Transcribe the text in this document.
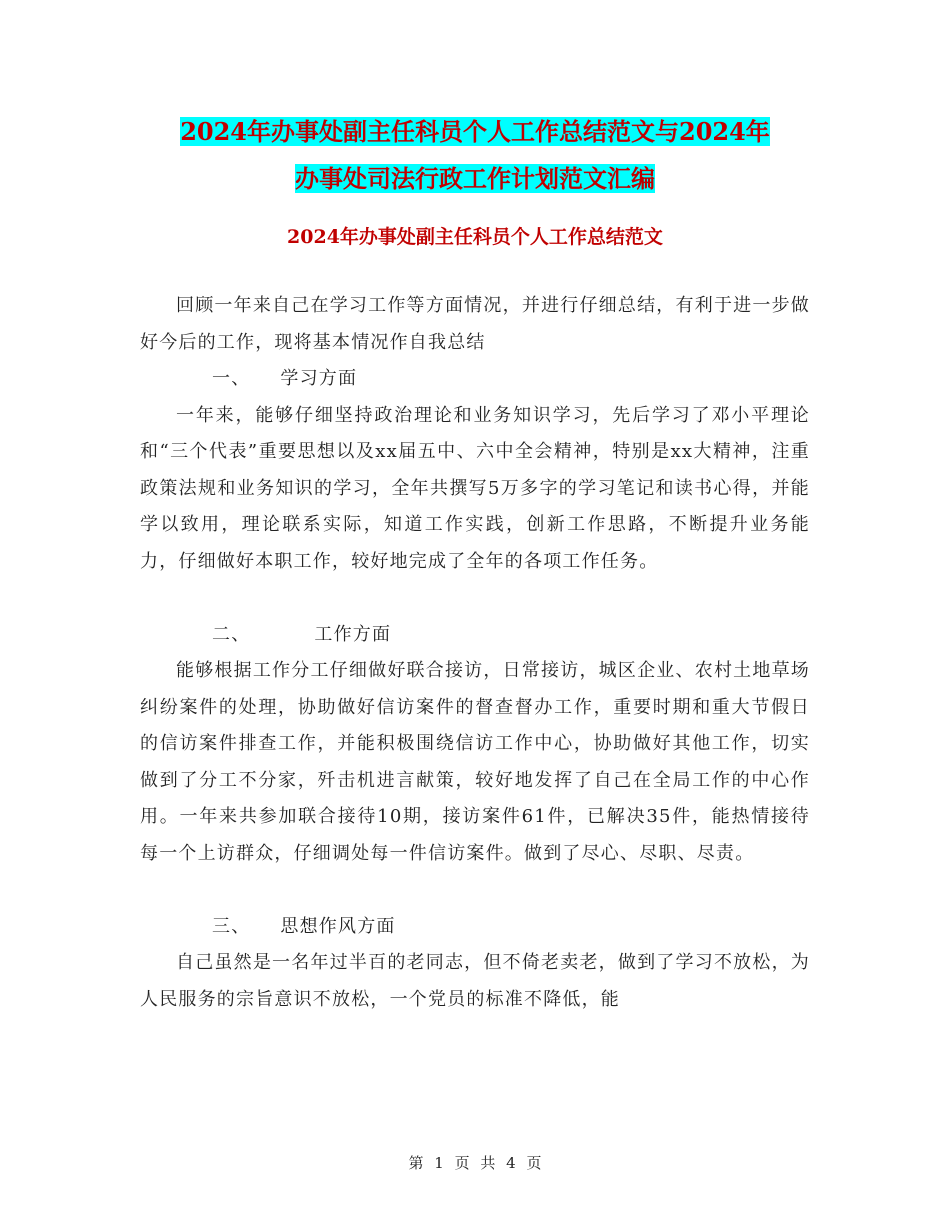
2024年办事处副主任科员个人工作总结范文与2024年
办事处司法行政工作计划范文汇编
2024年办事处副主任科员个人工作总结范文

回顾一年来自己在学习工作等方面情况，并进行仔细总结，有利于进一步做好今后的工作，现将基本情况作自我总结

一、 学习方面

一年来，能够仔细坚持政治理论和业务知识学习，先后学习了邓小平理论和“三个代表”重要思想以及xx届五中、六中全会精神，特别是xx大精神，注重政策法规和业务知识的学习，全年共撰写5万多字的学习笔记和读书心得，并能学以致用，理论联系实际，知道工作实践，创新工作思路，不断提升业务能力，仔细做好本职工作，较好地完成了全年的各项工作任务。

二、	工作方面

能够根据工作分工仔细做好联合接访，日常接访，城区企业、农村土地草场纠纷案件的处理，协助做好信访案件的督查督办工作，重要时期和重大节假日的信访案件排查工作，并能积极围绕信访工作中心，协助做好其他工作，切实做到了分工不分家，歼击机进言献策，较好地发挥了自己在全局工作的中心作用。一年来共参加联合接待10期，接访案件61件，已解决35件，能热情接待每一个上访群众，仔细调处每一件信访案件。做到了尽心、尽职、尽责。

三、 思想作风方面

自己虽然是一名年过半百的老同志，但不倚老卖老，做到了学习不放松，为人民服务的宗旨意识不放松，一个党员的标准不降低，能

第 1 页 共 4 页
